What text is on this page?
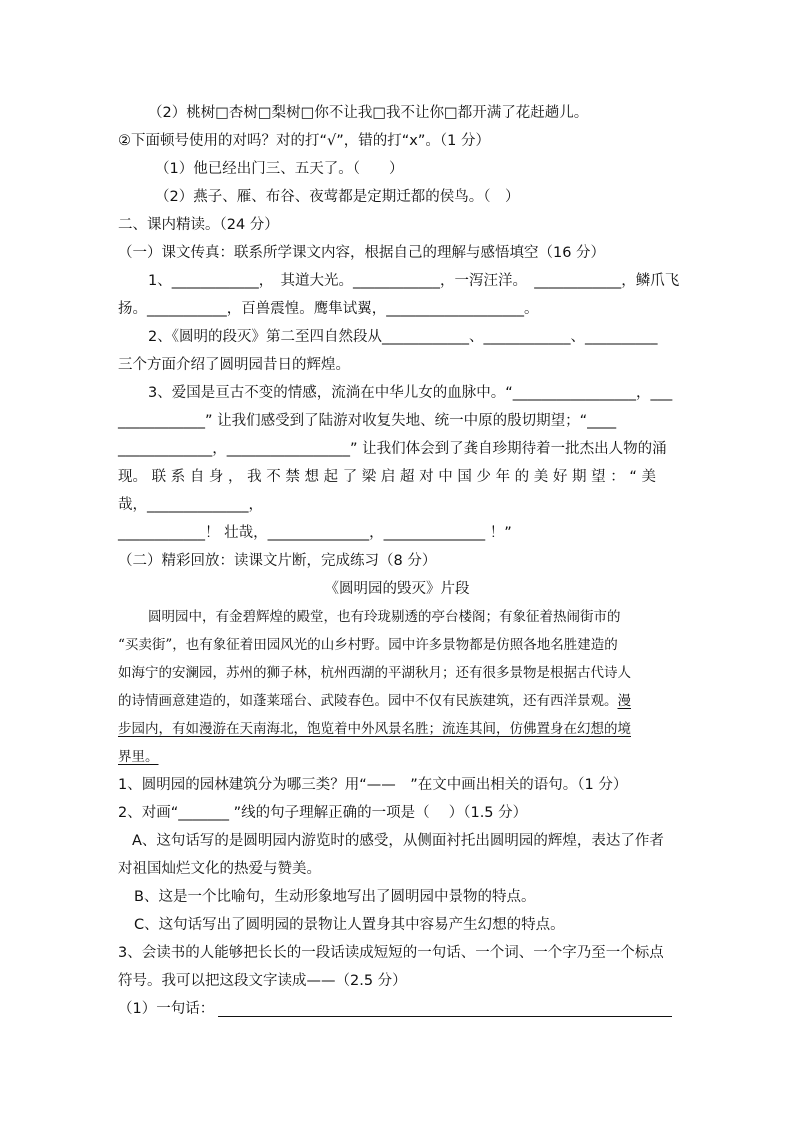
（2）桃树□杏树□梨树□你不让我□我不让你□都开满了花赶趟儿。
②下面顿号使用的对吗？对的打“√”，错的打“x”。（1 分）
（1）他已经出门三、五天了。（　　）
（2）燕子、雁、布谷、夜莺都是定期迁都的侯鸟。（　）
二、课内精读。（24 分）
（一）课文传真：联系所学课文内容，根据自己的理解与感悟填空（16 分）
1、____________，　其道大光。____________，一泻汪洋。　____________，鳞爪飞
扬。___________，百兽震惶。鹰隼试翼，___________________。
2、《圆明的段灭》第二至四自然段从____________、____________、__________
三个方面介绍了圆明园昔日的辉煌。
3、爱国是亘古不变的情感，流淌在中华儿女的血脉中。“_________________，___
____________” 让我们感受到了陆游对收复失地、统一中原的殷切期望；“____
_____________，_________________” 让我们体会到了龚自珍期待着一批杰出人物的涌
现。 联 系 自 身 ， 我 不 禁 想 起 了 梁 启 超 对 中 国 少 年 的 美 好 期 望 ： “ 美
哉，______________，
____________！ 壮哉，______________，______________ ！”
（二）精彩回放：读课文片断，完成练习（8 分）
《圆明园的毁灭》片段
圆明园中，有金碧辉煌的殿堂，也有玲珑剔透的亭台楼阁；有象征着热闹街市的
“买卖街”，也有象征着田园风光的山乡村野。园中许多景物都是仿照各地名胜建造的
如海宁的安澜园，苏州的狮子林，杭州西湖的平湖秋月；还有很多景物是根据古代诗人
的诗情画意建造的，如蓬莱瑶台、武陵春色。园中不仅有民族建筑，还有西洋景观。漫
步园内，有如漫游在天南海北，饱览着中外风景名胜；流连其间，仿佛置身在幻想的境
界里。
1、圆明园的园林建筑分为哪三类？用“——　”在文中画出相关的语句。（1 分）
2、对画“_______ ”线的句子理解正确的一项是（　 ）（1.5 分）
A、这句话写的是圆明园内游览时的感受，从侧面衬托出圆明园的辉煌，表达了作者
对祖国灿烂文化的热爱与赞美。
B、这是一个比喻句，生动形象地写出了圆明园中景物的特点。
C、这句话写出了圆明园的景物让人置身其中容易产生幻想的特点。
3、会读书的人能够把长长的一段话读成短短的一句话、一个词、一个字乃至一个标点
符号。我可以把这段文字读成——（2.5 分）
（1）一句话：
